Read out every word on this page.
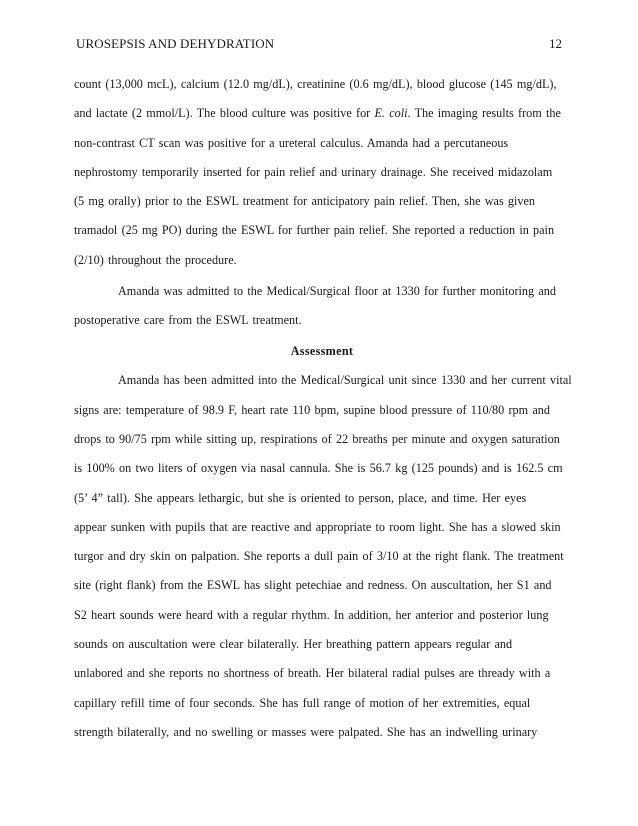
UROSEPSIS AND DEHYDRATION	12
count (13,000 mcL), calcium (12.0 mg/dL), creatinine (0.6 mg/dL), blood glucose (145 mg/dL),
and lactate (2 mmol/L). The blood culture was positive for E. coli. The imaging results from the
non-contrast CT scan was positive for a ureteral calculus. Amanda had a percutaneous
nephrostomy temporarily inserted for pain relief and urinary drainage. She received midazolam
(5 mg orally) prior to the ESWL treatment for anticipatory pain relief. Then, she was given
tramadol (25 mg PO) during the ESWL for further pain relief. She reported a reduction in pain
(2/10) throughout the procedure.
Amanda was admitted to the Medical/Surgical floor at 1330 for further monitoring and
postoperative care from the ESWL treatment.
Assessment
Amanda has been admitted into the Medical/Surgical unit since 1330 and her current vital
signs are: temperature of 98.9 F, heart rate 110 bpm, supine blood pressure of 110/80 rpm and
drops to 90/75 rpm while sitting up, respirations of 22 breaths per minute and oxygen saturation
is 100% on two liters of oxygen via nasal cannula. She is 56.7 kg (125 pounds) and is 162.5 cm
(5’ 4” tall). She appears lethargic, but she is oriented to person, place, and time. Her eyes
appear sunken with pupils that are reactive and appropriate to room light. She has a slowed skin
turgor and dry skin on palpation. She reports a dull pain of 3/10 at the right flank. The treatment
site (right flank) from the ESWL has slight petechiae and redness. On auscultation, her S1 and
S2 heart sounds were heard with a regular rhythm. In addition, her anterior and posterior lung
sounds on auscultation were clear bilaterally. Her breathing pattern appears regular and
unlabored and she reports no shortness of breath. Her bilateral radial pulses are thready with a
capillary refill time of four seconds. She has full range of motion of her extremities, equal
strength bilaterally, and no swelling or masses were palpated. She has an indwelling urinary
